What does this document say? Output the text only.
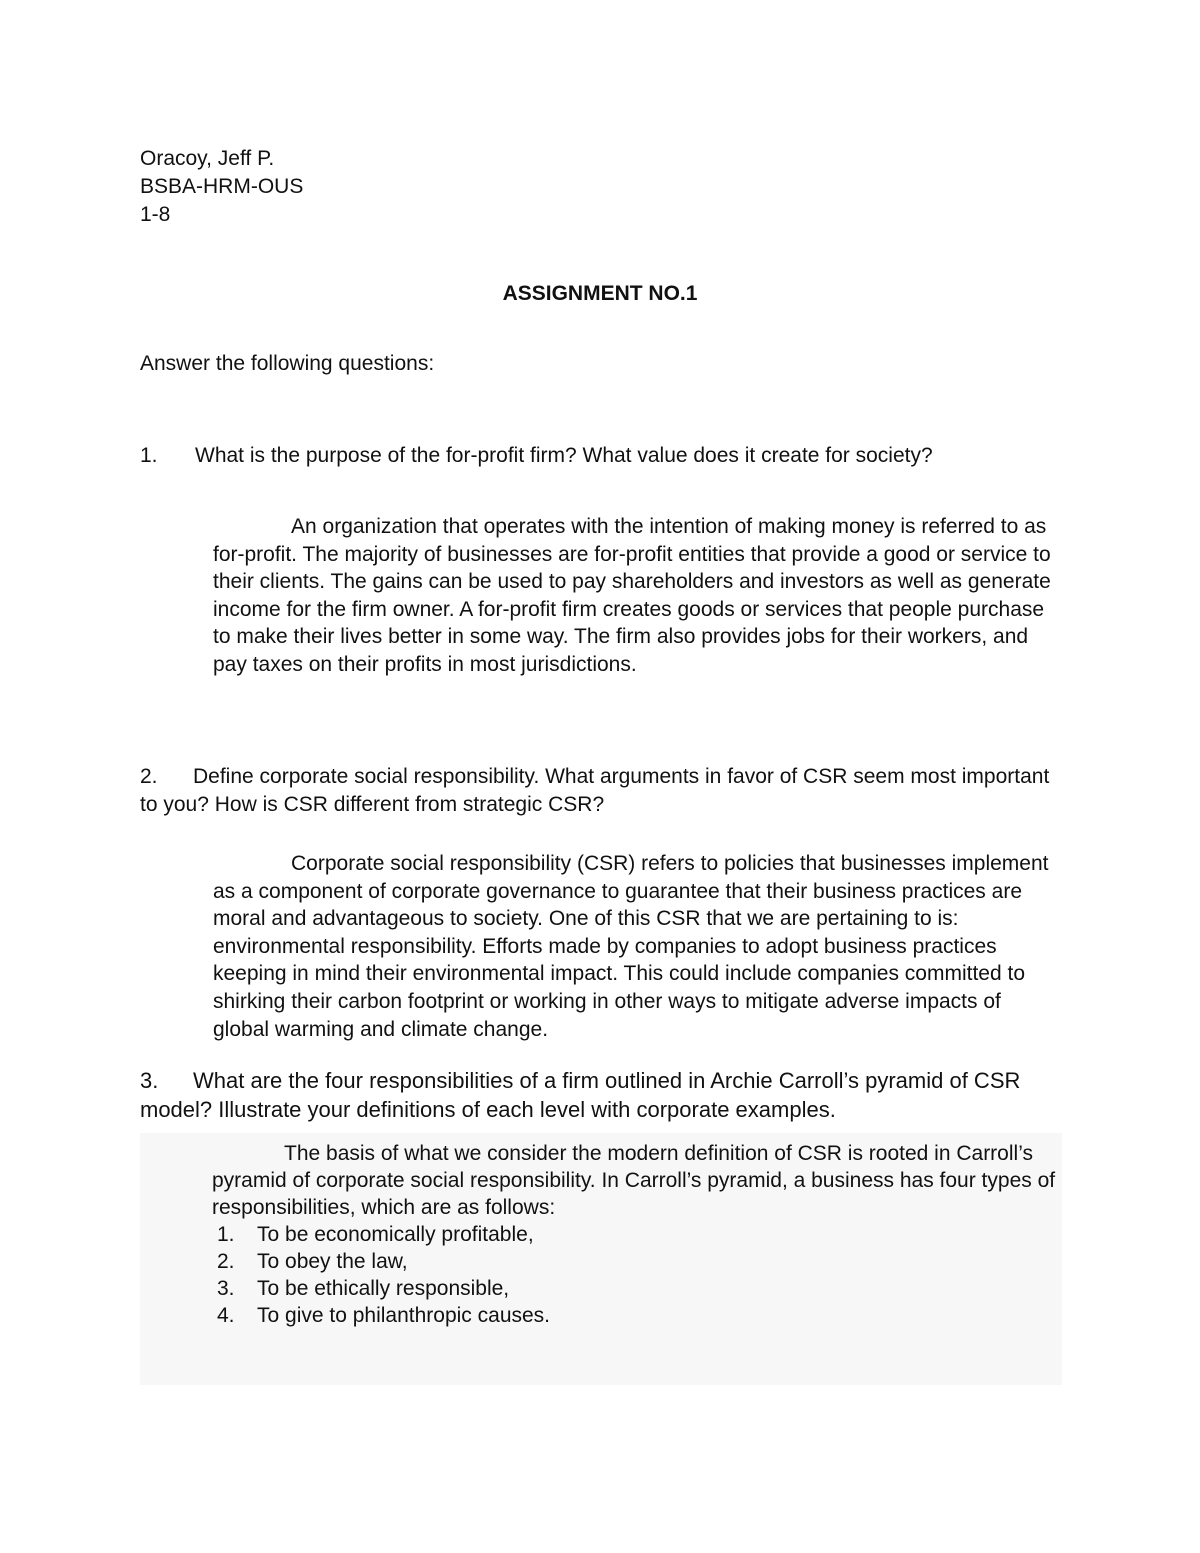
Oracoy, Jeff P.
BSBA-HRM-OUS
1-8
ASSIGNMENT NO.1
Answer the following questions:
1. What is the purpose of the for-profit firm? What value does it create for society?
An organization that operates with the intention of making money is referred to as for-profit. The majority of businesses are for-profit entities that provide a good or service to their clients. The gains can be used to pay shareholders and investors as well as generate income for the firm owner. A for-profit firm creates goods or services that people purchase to make their lives better in some way. The firm also provides jobs for their workers, and pay taxes on their profits in most jurisdictions.
2. Define corporate social responsibility. What arguments in favor of CSR seem most important to you? How is CSR different from strategic CSR?
Corporate social responsibility (CSR) refers to policies that businesses implement as a component of corporate governance to guarantee that their business practices are moral and advantageous to society. One of this CSR that we are pertaining to is: environmental responsibility. Efforts made by companies to adopt business practices keeping in mind their environmental impact. This could include companies committed to shirking their carbon footprint or working in other ways to mitigate adverse impacts of global warming and climate change.
3. What are the four responsibilities of a firm outlined in Archie Carroll’s pyramid of CSR model? Illustrate your definitions of each level with corporate examples.
The basis of what we consider the modern definition of CSR is rooted in Carroll’s pyramid of corporate social responsibility. In Carroll’s pyramid, a business has four types of responsibilities, which are as follows:
1.	To be economically profitable,
2.	To obey the law,
3.	To be ethically responsible,
4.	To give to philanthropic causes.
